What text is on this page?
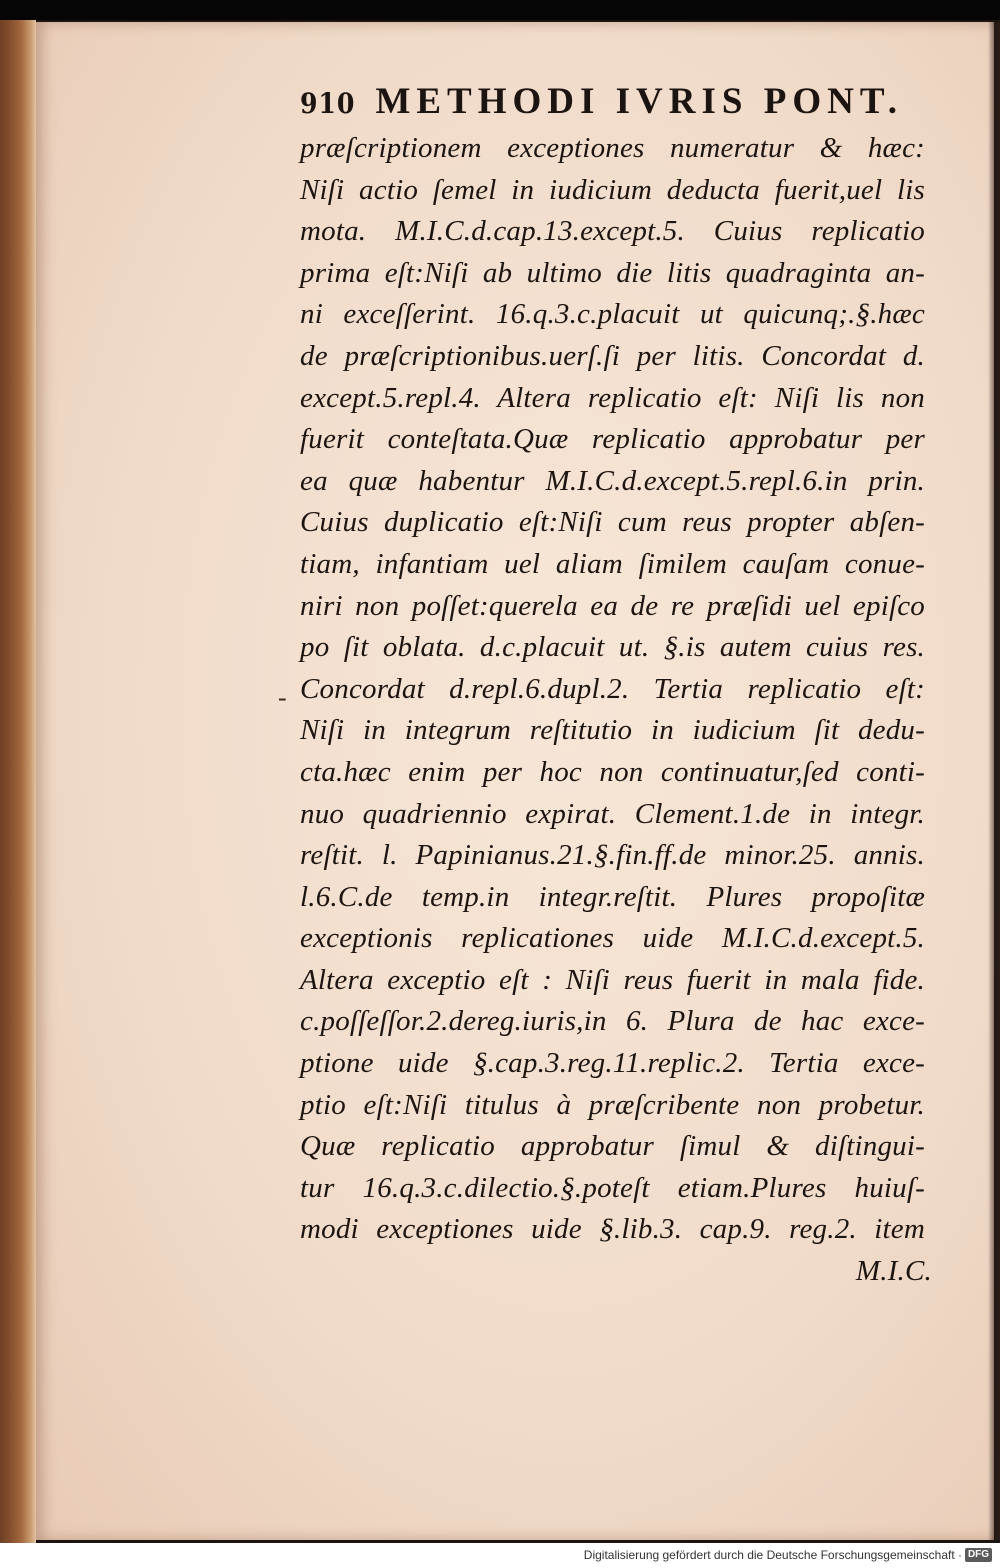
-
910 METHODI IVRIS PONT.
præſcriptionem exceptiones numeratur & hæc:
Niſi actio ſemel in iudicium deducta fuerit,uel lis
mota. M.I.C.d.cap.13.except.5. Cuius replicatio
prima eſt:Niſi ab ultimo die litis quadraginta an-
ni exceſſerint. 16.q.3.c.placuit ut quicunq;.§.hæc
de præſcriptionibus.uerſ.ſi per litis. Concordat d.
except.5.repl.4. Altera replicatio eſt: Niſi lis non
fuerit conteſtata.Quæ replicatio approbatur per
ea quæ habentur M.I.C.d.except.5.repl.6.in prin.
Cuius duplicatio eſt:Niſi cum reus propter abſen-
tiam, infantiam uel aliam ſimilem cauſam conue-
niri non poſſet:querela ea de re præſidi uel epiſco
po ſit oblata. d.c.placuit ut. §.is autem cuius res.
Concordat d.repl.6.dupl.2. Tertia replicatio eſt:
Niſi in integrum reſtitutio in iudicium ſit dedu-
cta.hæc enim per hoc non continuatur,ſed conti-
nuo quadriennio expirat. Clement.1.de in integr.
reſtit. l. Papinianus.21.§.fin.ff.de minor.25. annis.
l.6.C.de temp.in integr.reſtit. Plures propoſitæ
exceptionis replicationes uide M.I.C.d.except.5.
Altera exceptio eſt : Niſi reus fuerit in mala fide.
c.poſſeſſor.2.dereg.iuris,in 6. Plura de hac exce-
ptione uide §.cap.3.reg.11.replic.2. Tertia exce-
ptio eſt:Niſi titulus à præſcribente non probetur.
Quæ replicatio approbatur ſimul & diſtingui-
tur 16.q.3.c.dilectio.§.poteſt etiam.Plures huiuſ-
modi exceptiones uide §.lib.3. cap.9. reg.2. item
M.I.C.
Digitalisierung gefördert durch die Deutsche Forschungsgemeinschaft · DFG
